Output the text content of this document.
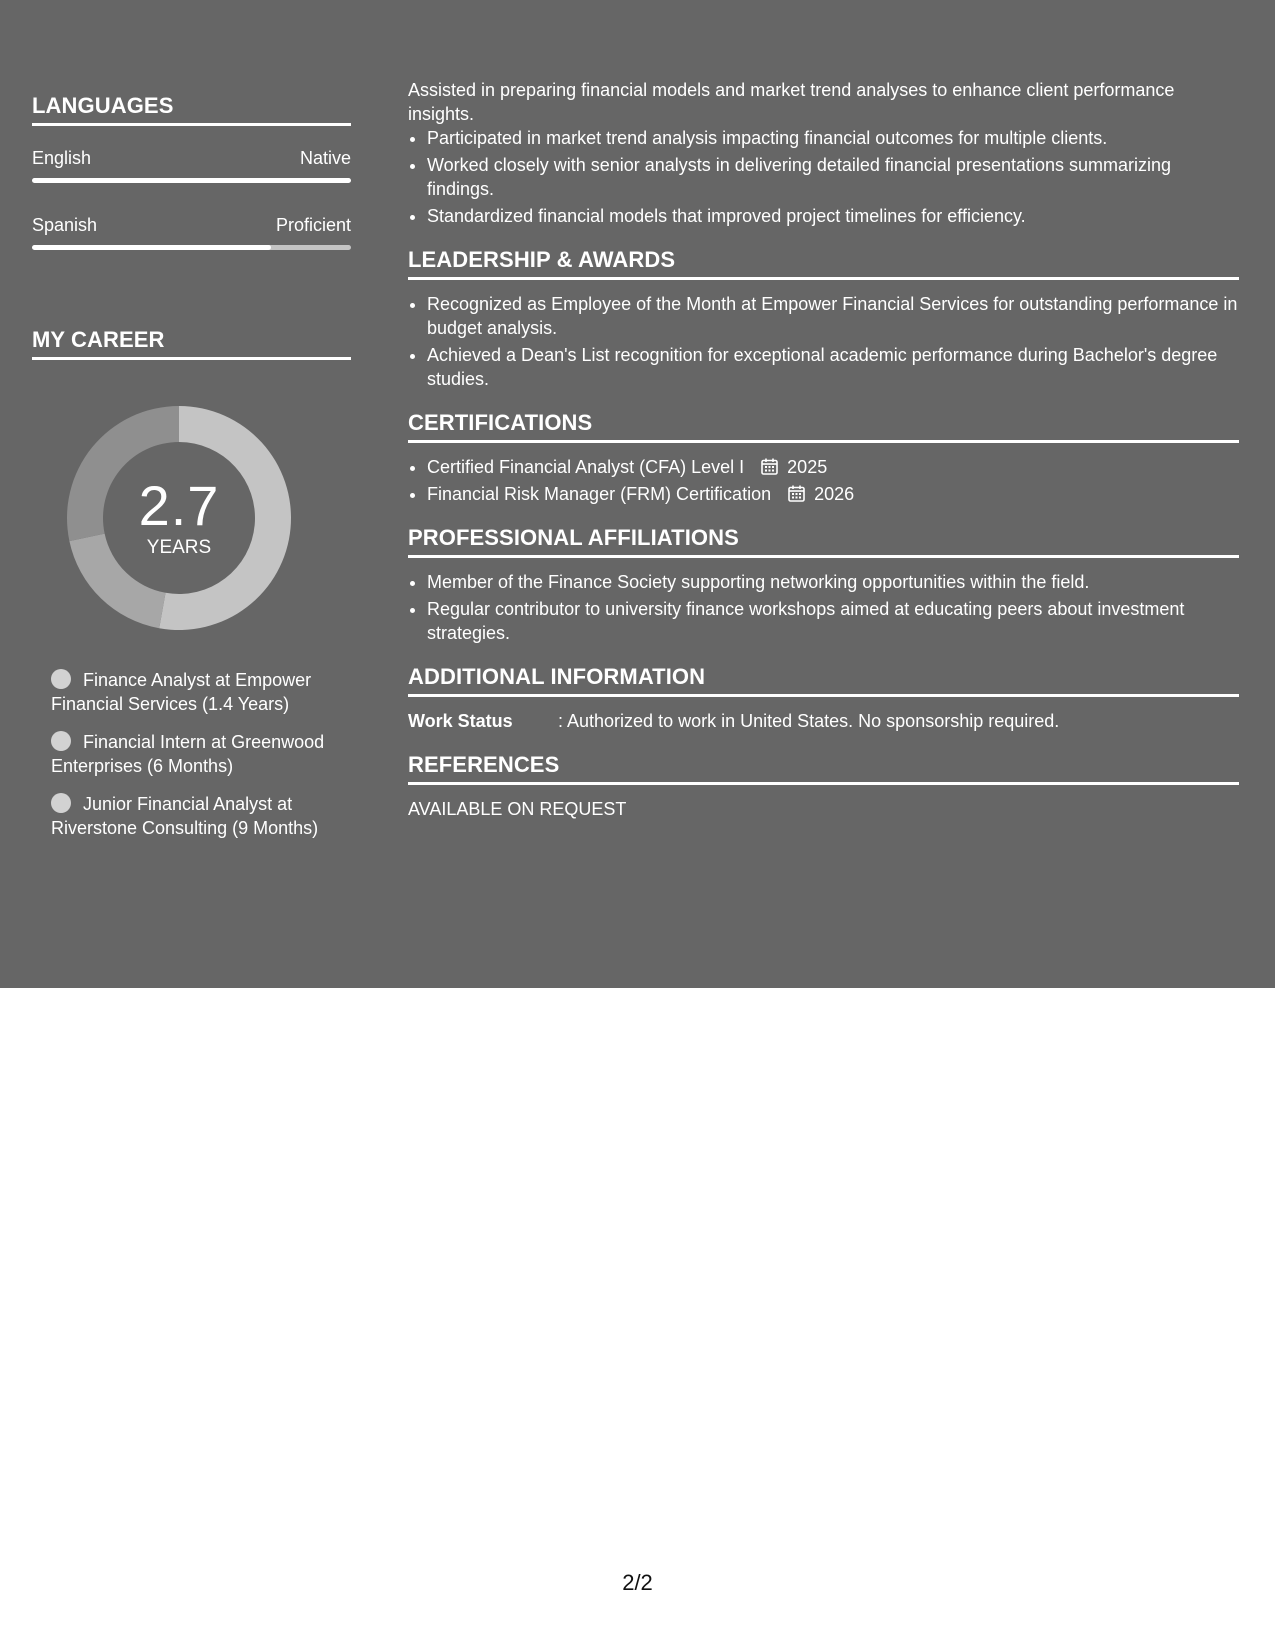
LANGUAGES
English	Native
Spanish	Proficient
MY CAREER
2.7
YEARS
Finance Analyst at Empower Financial Services (1.4 Years)
Financial Intern at Greenwood Enterprises (6 Months)
Junior Financial Analyst at Riverstone Consulting (9 Months)

Assisted in preparing financial models and market trend analyses to enhance client performance insights.

• Participated in market trend analysis impacting financial outcomes for multiple clients.
• Worked closely with senior analysts in delivering detailed financial presentations summarizing findings.
• Standardized financial models that improved project timelines for efficiency.
LEADERSHIP & AWARDS
• Recognized as Employee of the Month at Empower Financial Services for outstanding performance in budget analysis.
• Achieved a Dean's List recognition for exceptional academic performance during Bachelor's degree studies.
CERTIFICATIONS
• Certified Financial Analyst (CFA) Level I 2025
• Financial Risk Manager (FRM) Certification 2026
PROFESSIONAL AFFILIATIONS
• Member of the Finance Society supporting networking opportunities within the field.
• Regular contributor to university finance workshops aimed at educating peers about investment strategies.
ADDITIONAL INFORMATION
Work Status	: Authorized to work in United States. No sponsorship required.
REFERENCES
AVAILABLE ON REQUEST
2/2
